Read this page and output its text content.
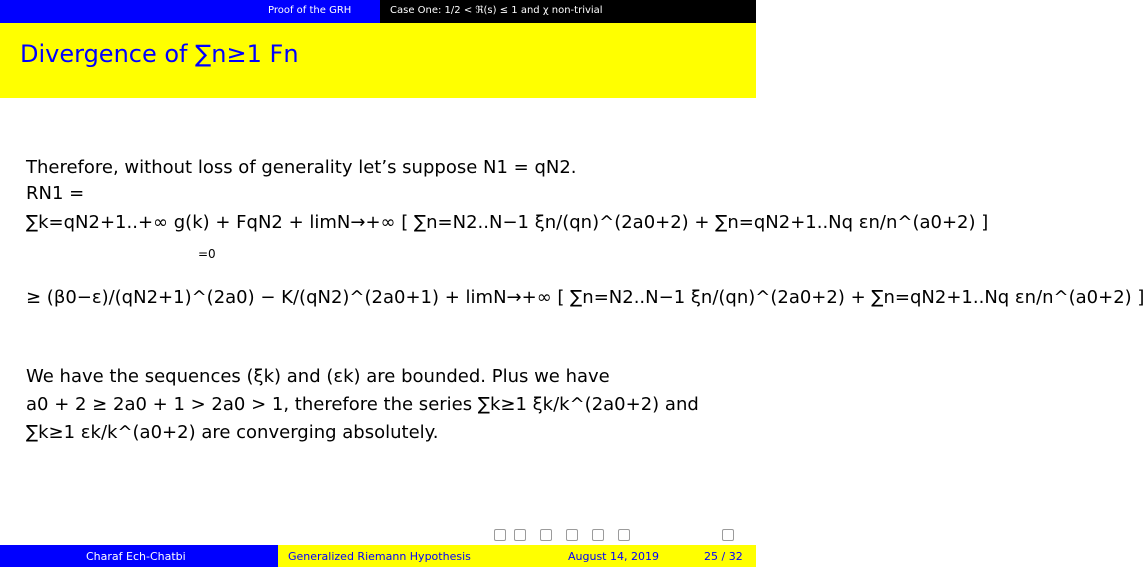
Proof of the GRH	Case One: 1/2 < ℜ(s) ≤ 1 and χ non-trivial
Divergence of ∑n≥1 Fn
Therefore, without loss of generality let’s suppose N1 = qN2.
RN1 =
∑k=qN2+1..+∞ g(k) + FqN2 + limN→+∞ [ ∑n=N2..N−1 ξn/(qn)^(2a0+2) + ∑n=qN2+1..Nq εn/n^(a0+2) ]
=0
≥ (β0−ε)/(qN2+1)^(2a0) − K/(qN2)^(2a0+1) + limN→+∞ [ ∑n=N2..N−1 ξn/(qn)^(2a0+2) + ∑n=qN2+1..Nq εn/n^(a0+2) ]
We have the sequences (ξk) and (εk) are bounded. Plus we have
a0 + 2 ≥ 2a0 + 1 > 2a0 > 1, therefore the series ∑k≥1 ξk/k^(2a0+2) and
∑k≥1 εk/k^(a0+2) are converging absolutely.
Charaf Ech-Chatbi	Generalized Riemann Hypothesis	August 14, 2019	25 / 32
